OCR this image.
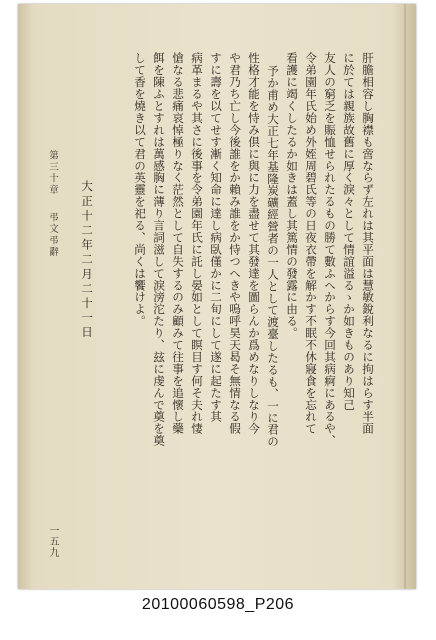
肝膽相容し胸襟も啻ならず左れは其平面は慧敏銳利なるに拘はらす半面
に於ては親族故舊に厚く淚々として情誼溢るゝか如きものあり知己
友人の窮乏を賑恤せられたるもの勝て數ふへからす今回其病痾にあるや、
令弟園年氏始め外姪周碧氏等の日夜衣帶を解かす不眠不休寢食を忘れて
看護に竭くしたるか如きは蓋し其篤情の發露に由る。
予か甫め大正七年基隆炭礦經營者の一人として渡臺したるも、一に君の
性格才能を恃み倶に與に力を盡せて其發達を圖らんか爲めなりしなり今
や君乃ち亡し今後誰をか賴み誰をか恃つへきや嗚呼昊天曷そ無情なる假
すに壽を以てせす漸く知命に達し病臥僅かに二旬にして遂に起たす其
病革まるや其さに後事を令弟園年氏に託し晏如として瞑目す何そ夫れ悽
愴なる悲痛哀悼極りなく茫然として自失するのみ顧みて往事を追懷し藥
餌を陳ふとすれは萬感胸に薄り言詞滋して淚滂沱たり、玆に虔んで奠を奠
して香を燒き以て君の英靈を祀る、尚くは饗けよ。
大正十二年二月二十一日
第三十章
弔文弔辭
一五九
20100060598_P206
